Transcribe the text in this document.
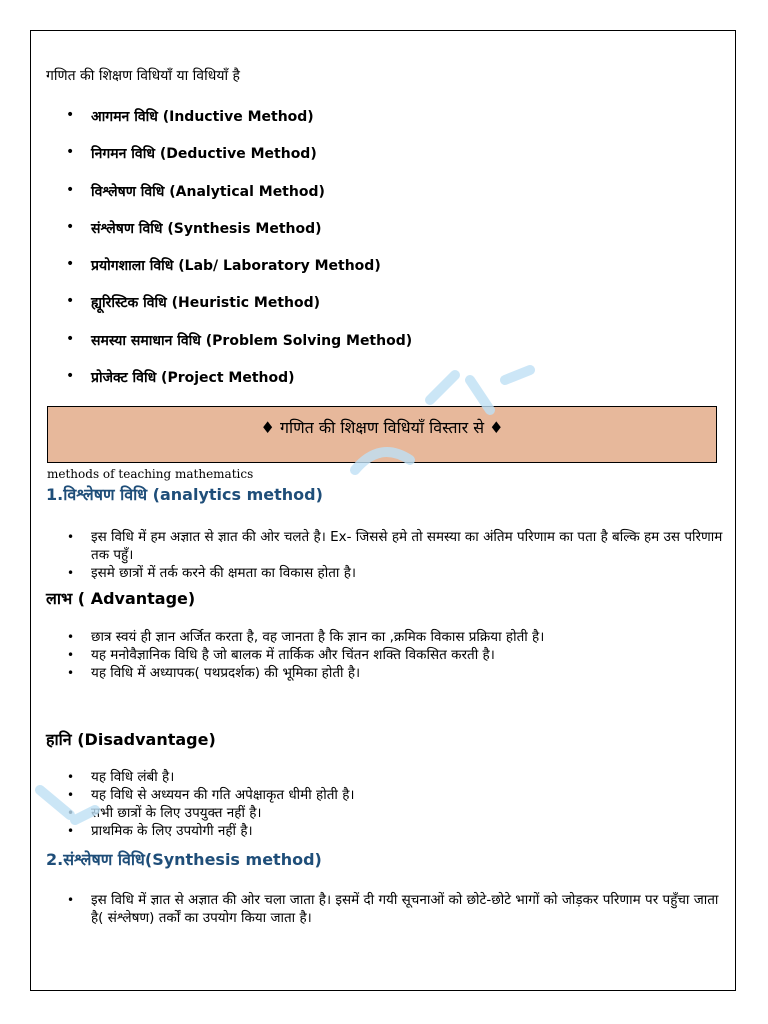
गणित की शिक्षण विधियाँ या विधियाँ है
• आगमन विधि (Inductive Method)
• निगमन विधि (Deductive Method)
• विश्लेषण विधि (Analytical Method)
• संश्लेषण विधि (Synthesis Method)
• प्रयोगशाला विधि (Lab/ Laboratory Method)
• ह्यूरिस्टिक विधि (Heuristic Method)
• समस्या समाधान विधि (Problem Solving Method)
• प्रोजेक्ट विधि (Project Method)
♦ गणित की शिक्षण विधियाँ विस्तार से ♦
methods of teaching mathematics
1.विश्लेषण विधि (analytics method)
• इस विधि में हम अज्ञात से ज्ञात की ओर चलते है। Ex- जिससे हमे तो समस्या का अंतिम परिणाम का पता है बल्कि हम उस परिणाम तक पहुँ।
• इसमे छात्रों में तर्क करने की क्षमता का विकास होता है।
लाभ ( Advantage)
• छात्र स्वयं ही ज्ञान अर्जित करता है, वह जानता है कि ज्ञान का ,क्रमिक विकास प्रक्रिया होती है।
• यह मनोवैज्ञानिक विधि है जो बालक में तार्किक और चिंतन शक्ति विकसित करती है।
• यह विधि में अध्यापक( पथप्रदर्शक) की भूमिका होती है।
हानि (Disadvantage)
• यह विधि लंबी है।
• यह विधि से अध्ययन की गति अपेक्षाकृत धीमी होती है।
• सभी छात्रों के लिए उपयुक्त नहीं है।
• प्राथमिक के लिए उपयोगी नहीं है।
2.संश्लेषण विधि(Synthesis method)
• इस विधि में ज्ञात से अज्ञात की ओर चला जाता है। इसमें दी गयी सूचनाओं को छोटे-छोटे भागों को जोड़कर परिणाम पर पहुँचा जाता है( संश्लेषण) तर्कों का उपयोग किया जाता है।
